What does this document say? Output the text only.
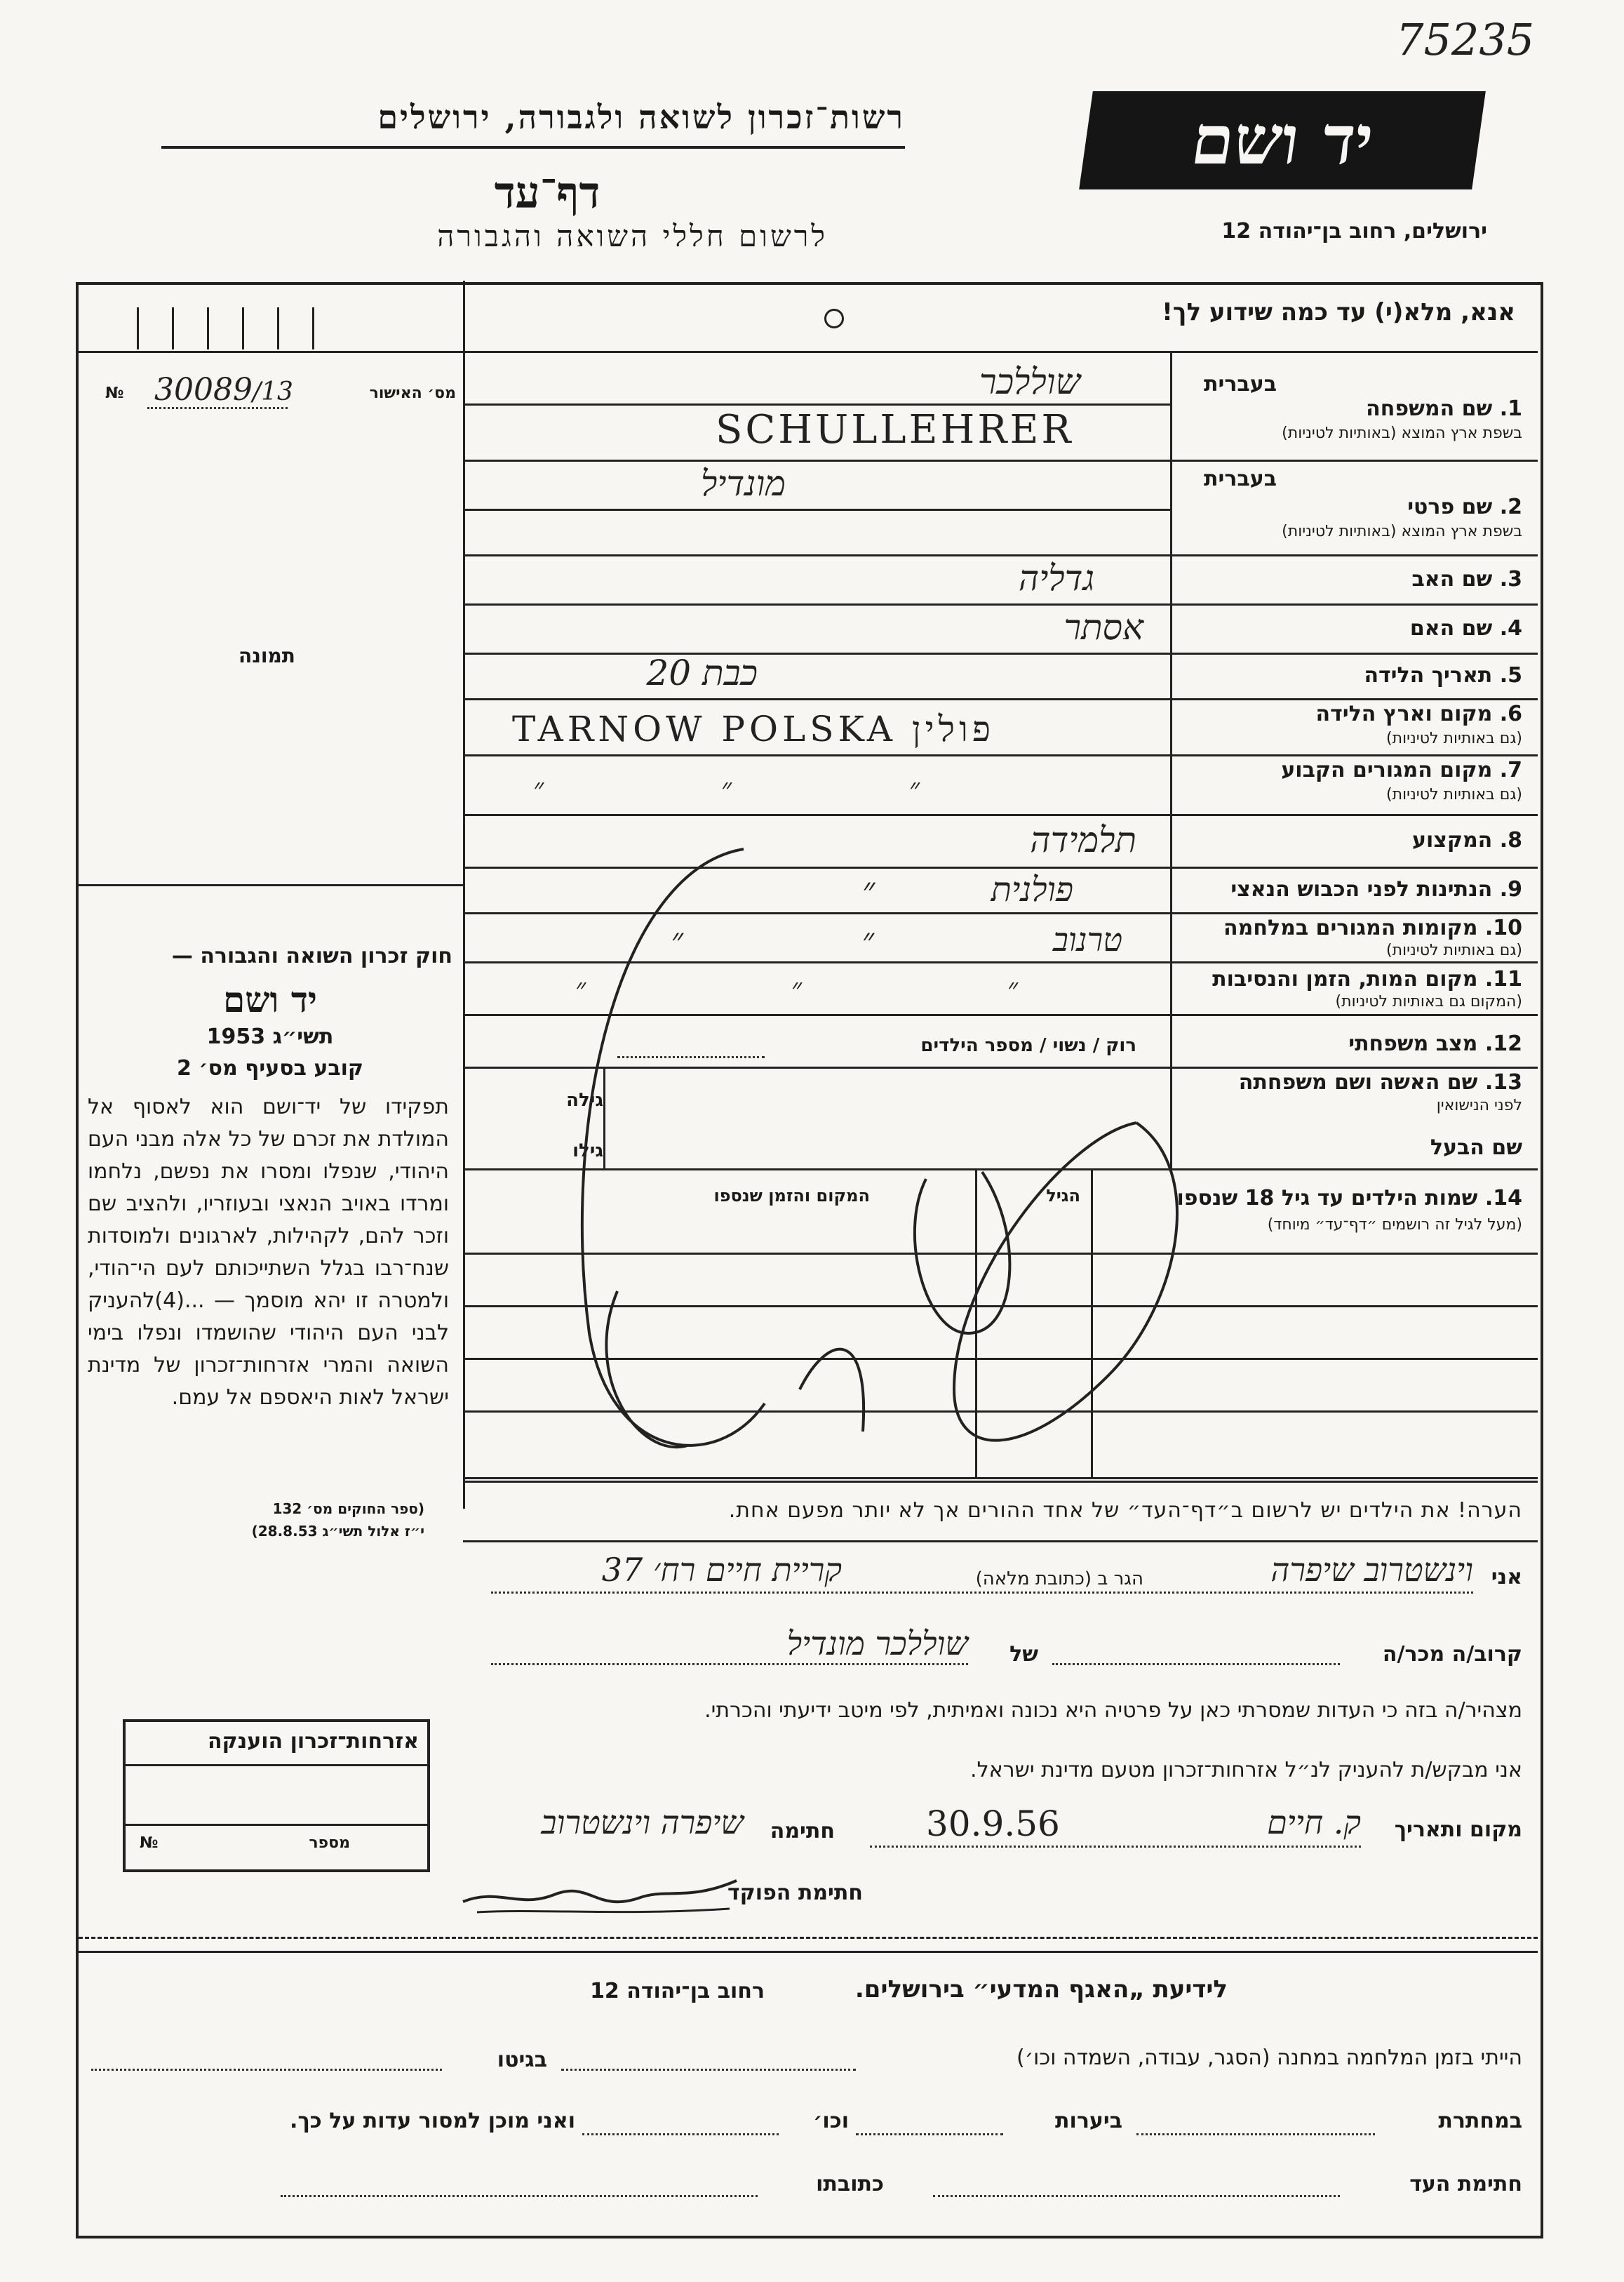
75235
רשות־זכרון לשואה ולגבורה, ירושלים
דף־עד
לרשום חללי השואה והגבורה
יד ושם
ירושלים, רחוב בן־יהודה 12
אנא, מלא(י) עד כמה שידוע לך!
№ 30089 /13	מס׳ האישור
תמונה
חוק זכרון השואה והגבורה —
יד ושם
תשי״ג 1953
קובע בסעיף מס׳ 2
תפקידו של יד־ושם הוא לאסוף אל המולדת את זכרם של כל אלה מבני העם היהודי, שנפלו ומסרו את נפשם, נלחמו ומרדו באויב הנאצי ובעוזריו, ולהציב שם וזכר להם, לקהילות, לארגונים ולמוסדות שנח־רבו בגלל השתייכותם לעם הי־הודי, ולמטרה זו יהא מוסמך — ...(4)להעניק לבני העם היהודי שהושמדו ונפלו בימי השואה והמרי אזרחות־זכרון של מדינת ישראל לאות היאספם אל עמם.
(ספר החוקים מס׳ 132
י״ז אלול תשי״ג 28.8.53)
בעברית
1. שם המשפחה
בשפת ארץ המוצא (באותיות לטיניות)
שוללכר
SCHULLEHRER
בעברית
2. שם פרטי
בשפת ארץ המוצא (באותיות לטיניות)
מונדיל
3. שם האב
גדליה
4. שם האם
אסתר
5. תאריך הלידה
כבת 20
6. מקום וארץ הלידה
(גם באותיות לטיניות)
TARNOW POLSKA פולין
7. מקום המגורים הקבוע
(גם באותיות לטיניות)
״ ״ ״
8. המקצוע
תלמידה
9. הנתינות לפני הכבוש הנאצי
פולנית ״
10. מקומות המגורים במלחמה
(גם באותיות לטיניות)
טרנוב ״ ״
11. מקום המות, הזמן והנסיבות
(המקום גם באותיות לטיניות)
״ ״ ״
12. מצב משפחתי
רוק / נשוי / מספר הילדים
13. שם האשה ושם משפחתה
לפני הנישואין
גילה
שם הבעל
גילו
14. שמות הילדים עד גיל 18 שנספו
(מעל לגיל זה רושמים ״דף־עד״ מיוחד)
הגיל
המקום והזמן שנספו
הערה! את הילדים יש לרשום ב״דף־העד״ של אחד ההורים אך לא יותר מפעם אחת.
אני
וינשטרוב שיפרה
הגר ב (כתובת מלאה)
קריית חיים רח׳ 37
קרוב/ה מכר/ה
של
שוללכר מונדיל
מצהיר/ה בזה כי העדות שמסרתי כאן על פרטיה היא נכונה ואמיתית, לפי מיטב ידיעתי והכרתי.
אני מבקש/ת להעניק לנ״ל אזרחות־זכרון מטעם מדינת ישראל.
מקום ותאריך
ק. חיים
30.9.56
חתימה
שיפרה וינשטרוב
חתימת הפוקד
אזרחות־זכרון הוענקה
№	מספר
לידיעת „האגף המדעי״ בירושלים.
רחוב בן־יהודה 12
הייתי בזמן המלחמה במחנה (הסגר, עבודה, השמדה וכו׳)
בגיטו
במחתרת
ביערות
וכו׳
ואני מוכן למסור עדות על כך.
חתימת העד
כתובתו
